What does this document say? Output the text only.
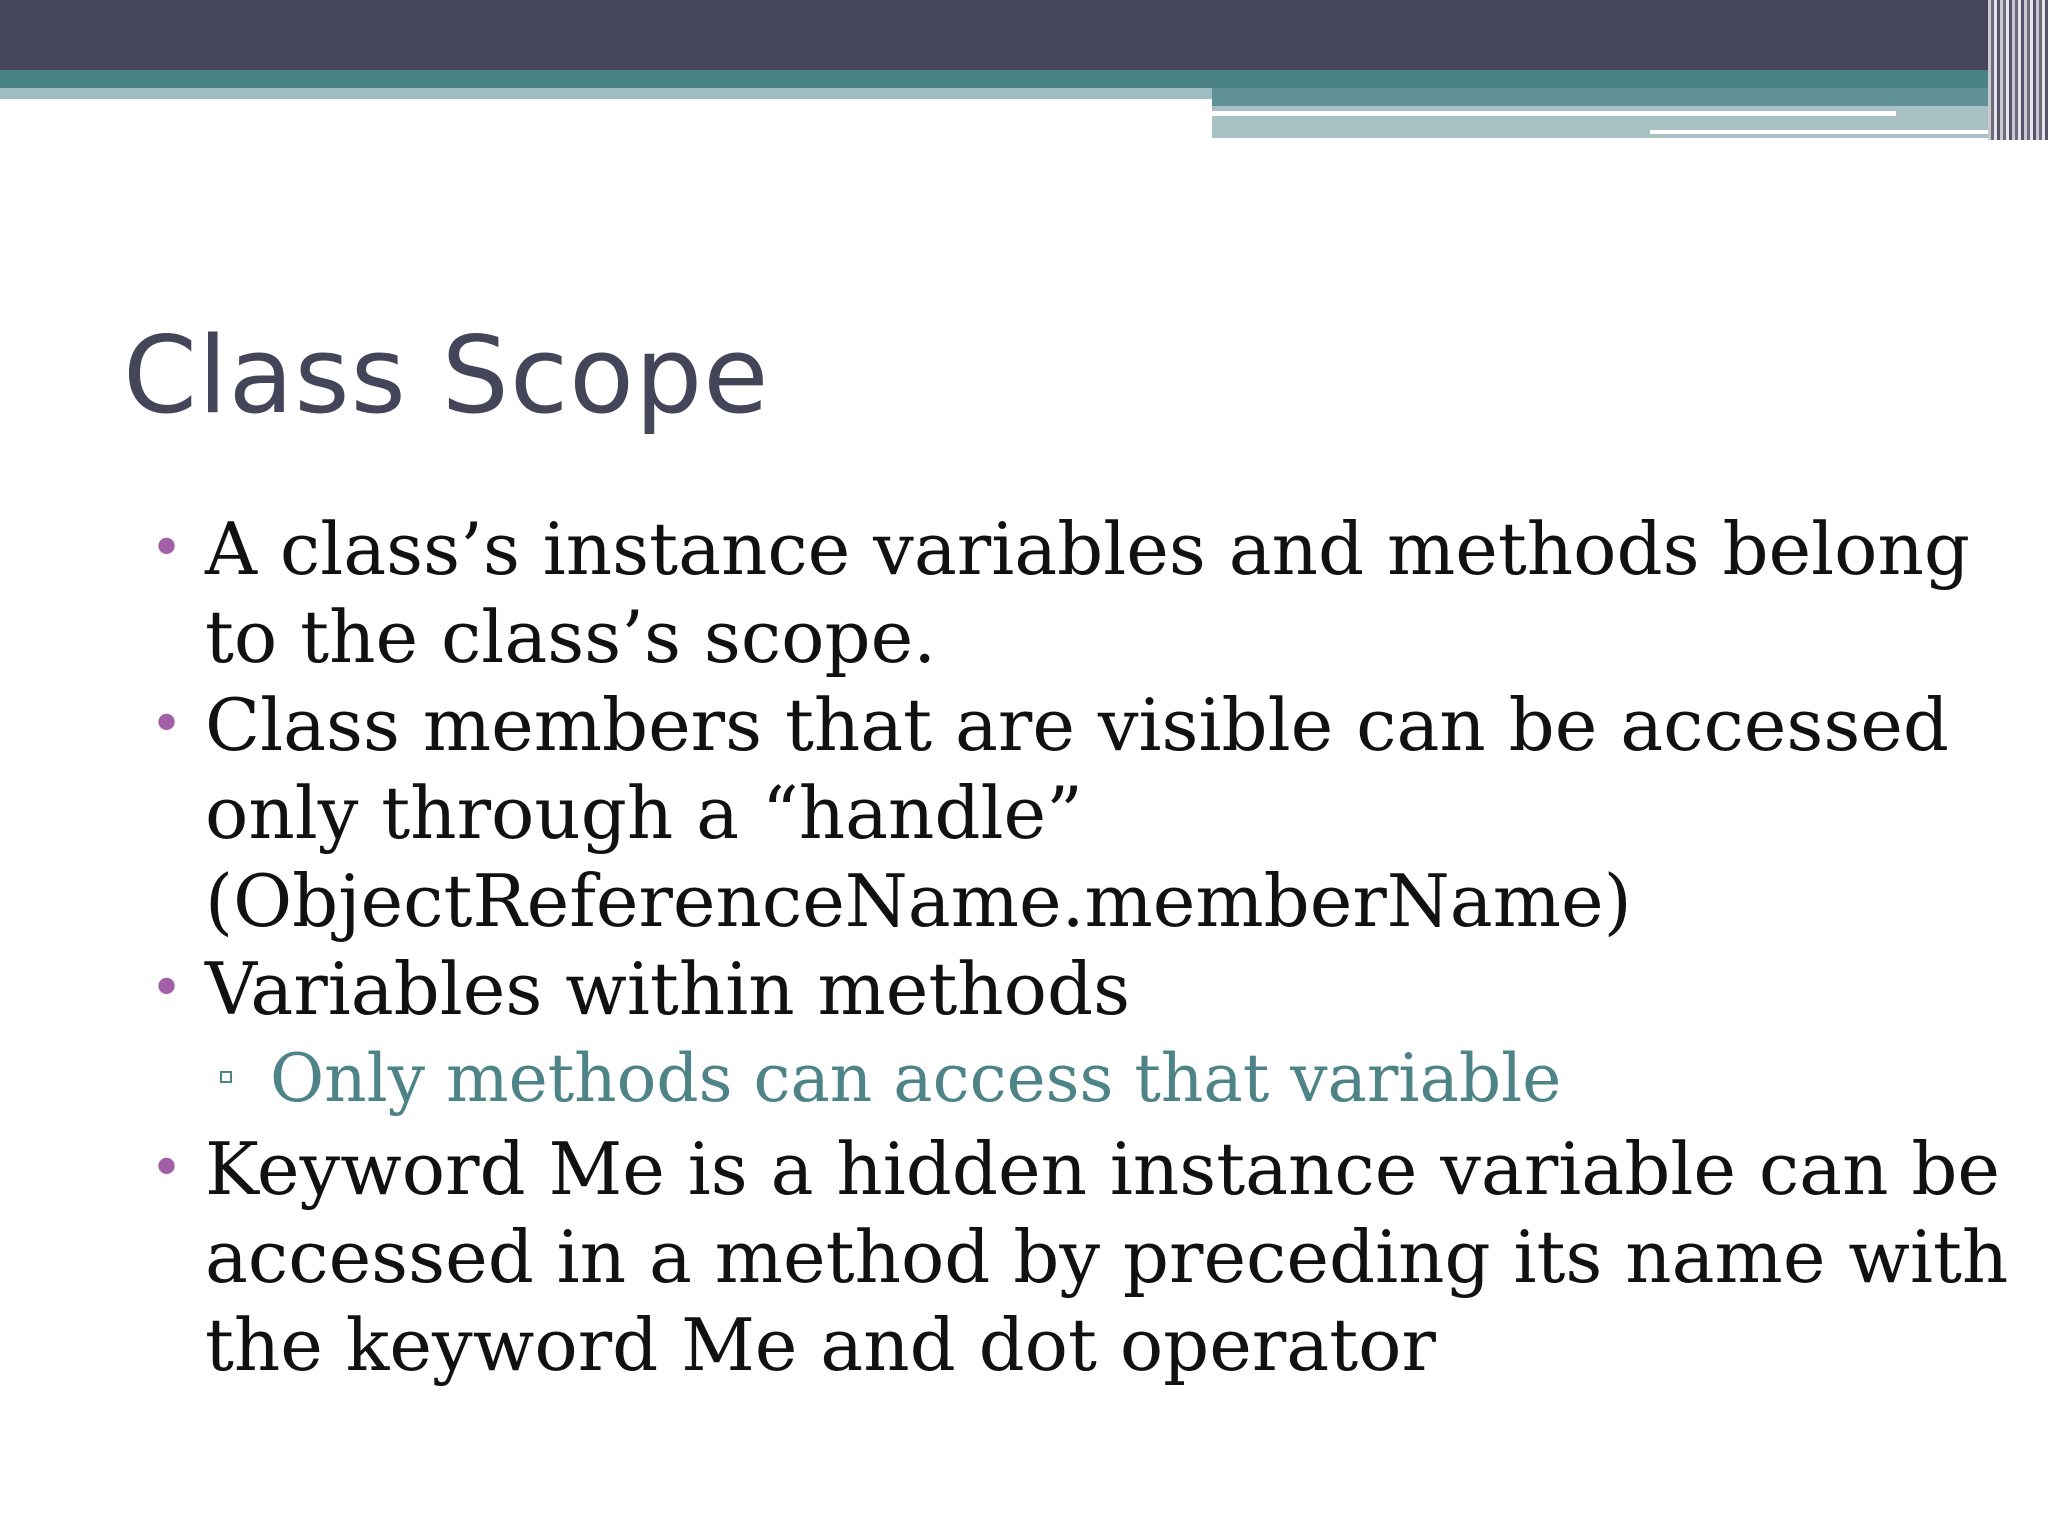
Class Scope
• A class’s instance variables and methods belong
to the class’s scope.
• Class members that are visible can be accessed
only through a “handle”
(ObjectReferenceName.memberName)
• Variables within methods
Only methods can access that variable
• Keyword Me is a hidden instance variable can be
accessed in a method by preceding its name with
the keyword Me and dot operator
